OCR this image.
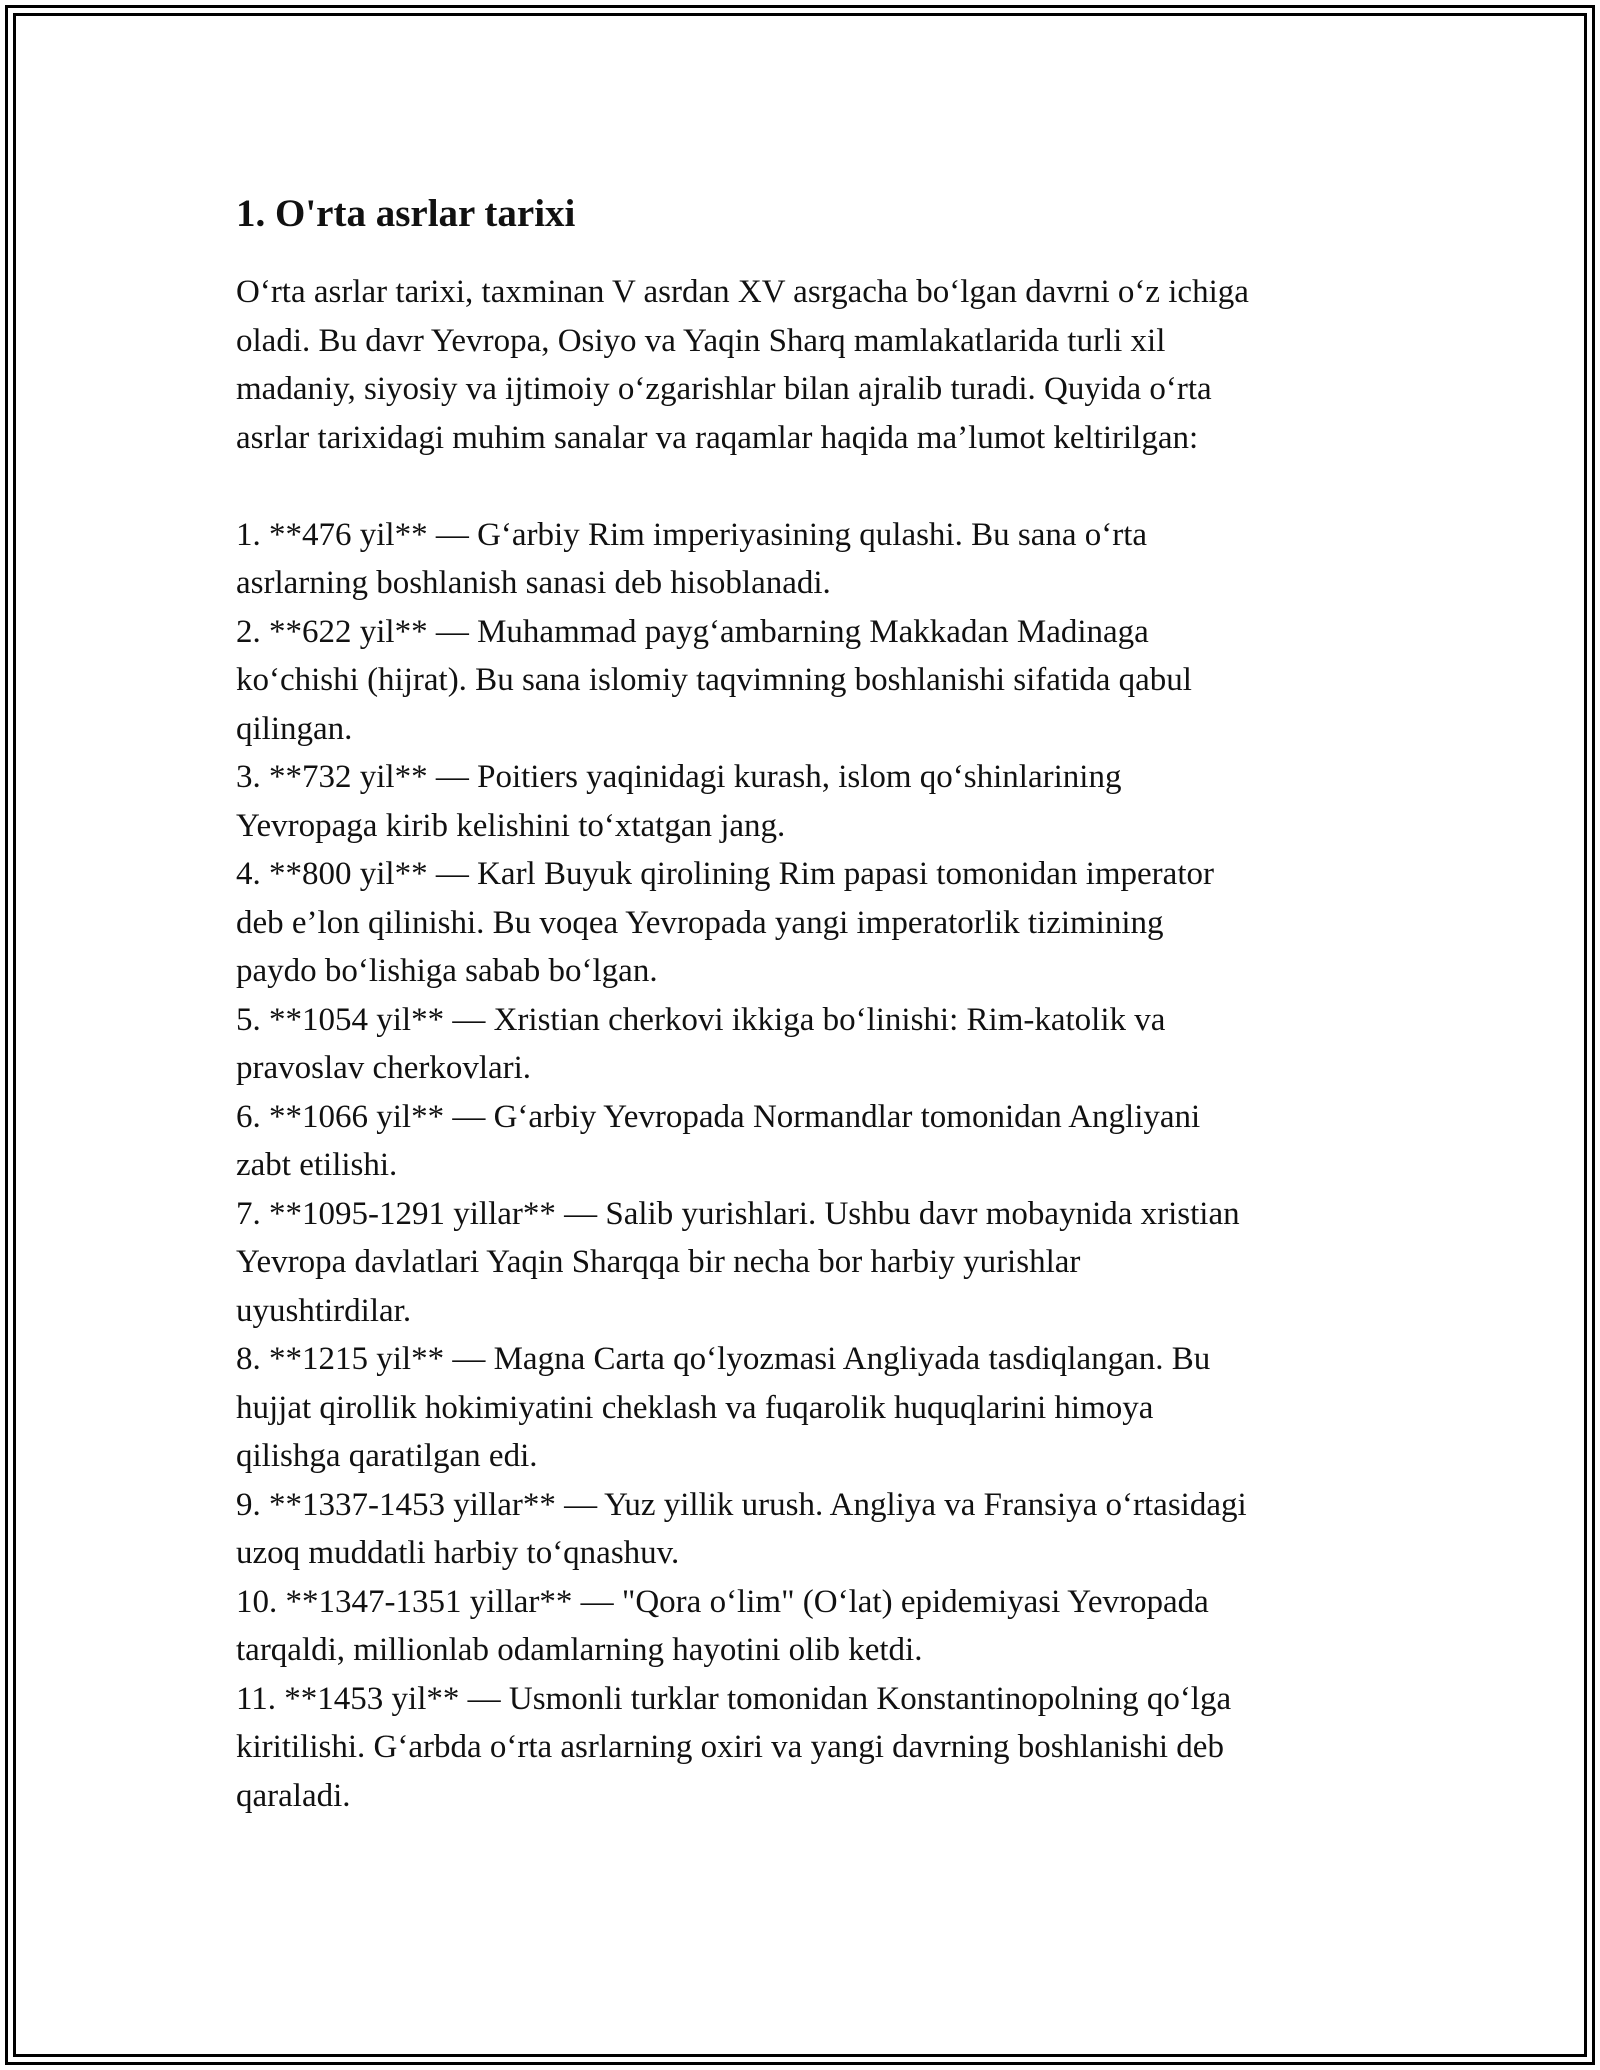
1. O'rta asrlar tarixi

O‘rta asrlar tarixi, taxminan V asrdan XV asrgacha bo‘lgan davrni o‘z ichiga
oladi. Bu davr Yevropa, Osiyo va Yaqin Sharq mamlakatlarida turli xil
madaniy, siyosiy va ijtimoiy o‘zgarishlar bilan ajralib turadi. Quyida o‘rta
asrlar tarixidagi muhim sanalar va raqamlar haqida ma’lumot keltirilgan:

1. **476 yil** — G‘arbiy Rim imperiyasining qulashi. Bu sana o‘rta
asrlarning boshlanish sanasi deb hisoblanadi.
2. **622 yil** — Muhammad payg‘ambarning Makkadan Madinaga
ko‘chishi (hijrat). Bu sana islomiy taqvimning boshlanishi sifatida qabul
qilingan.
3. **732 yil** — Poitiers yaqinidagi kurash, islom qo‘shinlarining
Yevropaga kirib kelishini to‘xtatgan jang.
4. **800 yil** — Karl Buyuk qirolining Rim papasi tomonidan imperator
deb e’lon qilinishi. Bu voqea Yevropada yangi imperatorlik tizimining
paydo bo‘lishiga sabab bo‘lgan.
5. **1054 yil** — Xristian cherkovi ikkiga bo‘linishi: Rim-katolik va
pravoslav cherkovlari.
6. **1066 yil** — G‘arbiy Yevropada Normandlar tomonidan Angliyani
zabt etilishi.
7. **1095-1291 yillar** — Salib yurishlari. Ushbu davr mobaynida xristian
Yevropa davlatlari Yaqin Sharqqa bir necha bor harbiy yurishlar
uyushtirdilar.
8. **1215 yil** — Magna Carta qo‘lyozmasi Angliyada tasdiqlangan. Bu
hujjat qirollik hokimiyatini cheklash va fuqarolik huquqlarini himoya
qilishga qaratilgan edi.
9. **1337-1453 yillar** — Yuz yillik urush. Angliya va Fransiya o‘rtasidagi
uzoq muddatli harbiy to‘qnashuv.
10. **1347-1351 yillar** — "Qora o‘lim" (O‘lat) epidemiyasi Yevropada
tarqaldi, millionlab odamlarning hayotini olib ketdi.
11. **1453 yil** — Usmonli turklar tomonidan Konstantinopolning qo‘lga
kiritilishi. G‘arbda o‘rta asrlarning oxiri va yangi davrning boshlanishi deb
qaraladi.
